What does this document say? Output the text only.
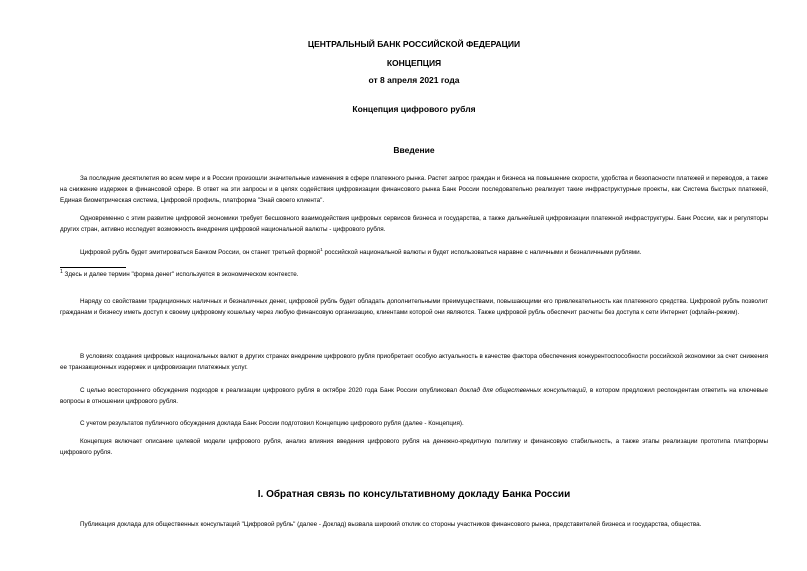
ЦЕНТРАЛЬНЫЙ БАНК РОССИЙСКОЙ ФЕДЕРАЦИИ
КОНЦЕПЦИЯ
от 8 апреля 2021 года
Концепция цифрового рубля
Введение
За последние десятилетия во всем мире и в России произошли значительные изменения в сфере платежного рынка. Растет запрос граждан и бизнеса на повышение скорости, удобства и безопасности платежей и переводов, а также на снижение издержек в финансовой сфере. В ответ на эти запросы и в целях содействия цифровизации финансового рынка Банк России последовательно реализует такие инфраструктурные проекты, как Система быстрых платежей, Единая биометрическая система, Цифровой профиль, платформа "Знай своего клиента".
Одновременно с этим развитие цифровой экономики требует бесшовного взаимодействия цифровых сервисов бизнеса и государства, а также дальнейшей цифровизации платежной инфраструктуры. Банк России, как и регуляторы других стран, активно исследует возможность внедрения цифровой национальной валюты - цифрового рубля.
Цифровой рубль будет эмитироваться Банком России, он станет третьей формой$^1$ российской национальной валюты и будет использоваться наравне с наличными и безналичными рублями.
$^1$ Здесь и далее термин "форма денег" используется в экономическом контексте.
Наряду со свойствами традиционных наличных и безналичных денег, цифровой рубль будет обладать дополнительными преимуществами, повышающими его привлекательность как платежного средства. Цифровой рубль позволит гражданам и бизнесу иметь доступ к своему цифровому кошельку через любую финансовую организацию, клиентами которой они являются. Также цифровой рубль обеспечит расчеты без доступа к сети Интернет (офлайн-режим).
В условиях создания цифровых национальных валют в других странах внедрение цифрового рубля приобретает особую актуальность в качестве фактора обеспечения конкурентоспособности российской экономики за счет снижения ее транзакционных издержек и цифровизации платежных услуг.
С целью всестороннего обсуждения подходов к реализации цифрового рубля в октябре 2020 года Банк России опубликовал доклад для общественных консультаций, в котором предложил респондентам ответить на ключевые вопросы в отношении цифрового рубля.
С учетом результатов публичного обсуждения доклада Банк России подготовил Концепцию цифрового рубля (далее - Концепция).
Концепция включает описание целевой модели цифрового рубля, анализ влияния введения цифрового рубля на денежно-кредитную политику и финансовую стабильность, а также этапы реализации прототипа платформы цифрового рубля.
I. Обратная связь по консультативному докладу Банка России
Публикация доклада для общественных консультаций "Цифровой рубль" (далее - Доклад) вызвала широкий отклик со стороны участников финансового рынка, представителей бизнеса и государства, общества.
